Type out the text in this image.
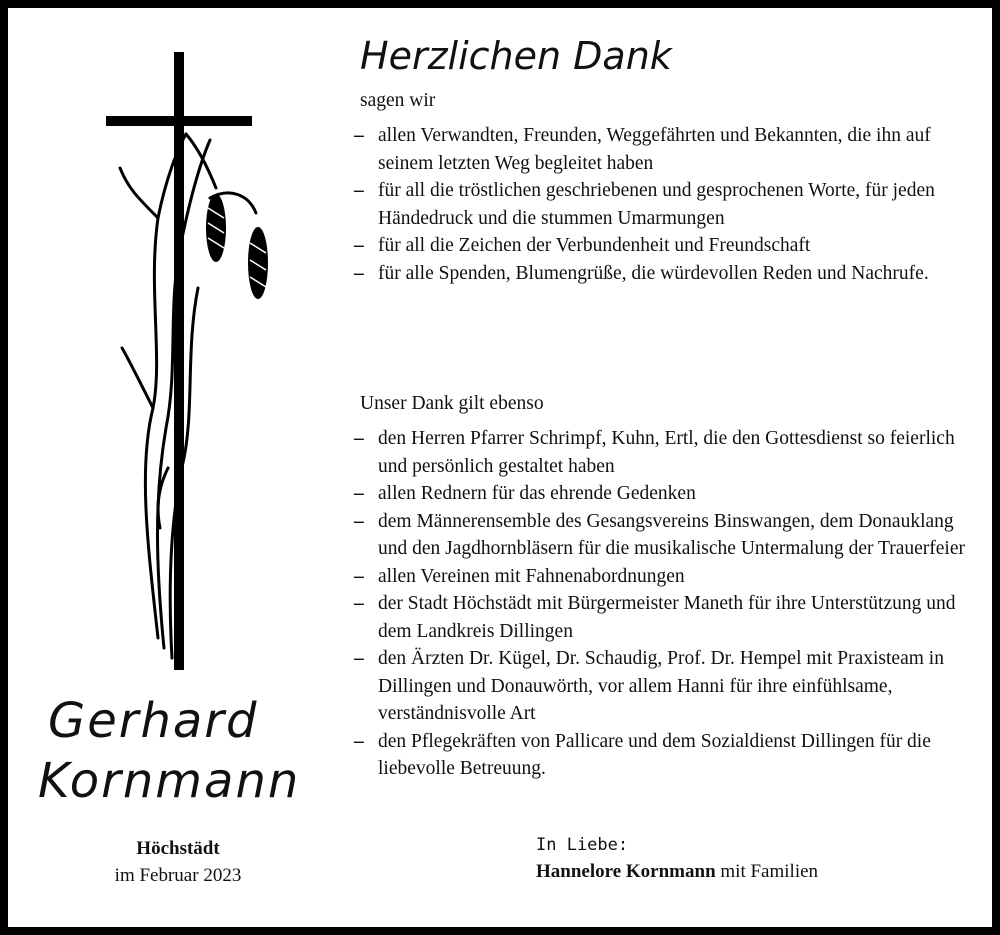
Gerhard
Kornmann
Höchstädt
im Februar 2023
Herzlichen Dank
sagen wir
– allen Verwandten, Freunden, Weggefährten und Bekannten, die ihn auf seinem letzten Weg begleitet haben
– für all die tröstlichen geschriebenen und gesprochenen Worte, für jeden Händedruck und die stummen Umarmungen
– für all die Zeichen der Verbundenheit und Freundschaft
– für alle Spenden, Blumengrüße, die würdevollen Reden und Nachrufe.
Unser Dank gilt ebenso
– den Herren Pfarrer Schrimpf, Kuhn, Ertl, die den Gottesdienst so feierlich und persönlich gestaltet haben
– allen Rednern für das ehrende Gedenken
– dem Männerensemble des Gesangsvereins Binswangen, dem Donauklang und den Jagdhornbläsern für die musikalische Untermalung der Trauerfeier
– allen Vereinen mit Fahnenabordnungen
– der Stadt Höchstädt mit Bürgermeister Maneth für ihre Unterstützung und dem Landkreis Dillingen
– den Ärzten Dr. Kügel, Dr. Schaudig, Prof. Dr. Hempel mit Praxisteam in Dillingen und Donauwörth, vor allem Hanni für ihre einfühlsame, verständnisvolle Art
– den Pflegekräften von Pallicare und dem Sozialdienst Dillingen für die liebevolle Betreuung.
In Liebe:
Hannelore Kornmann mit Familien
